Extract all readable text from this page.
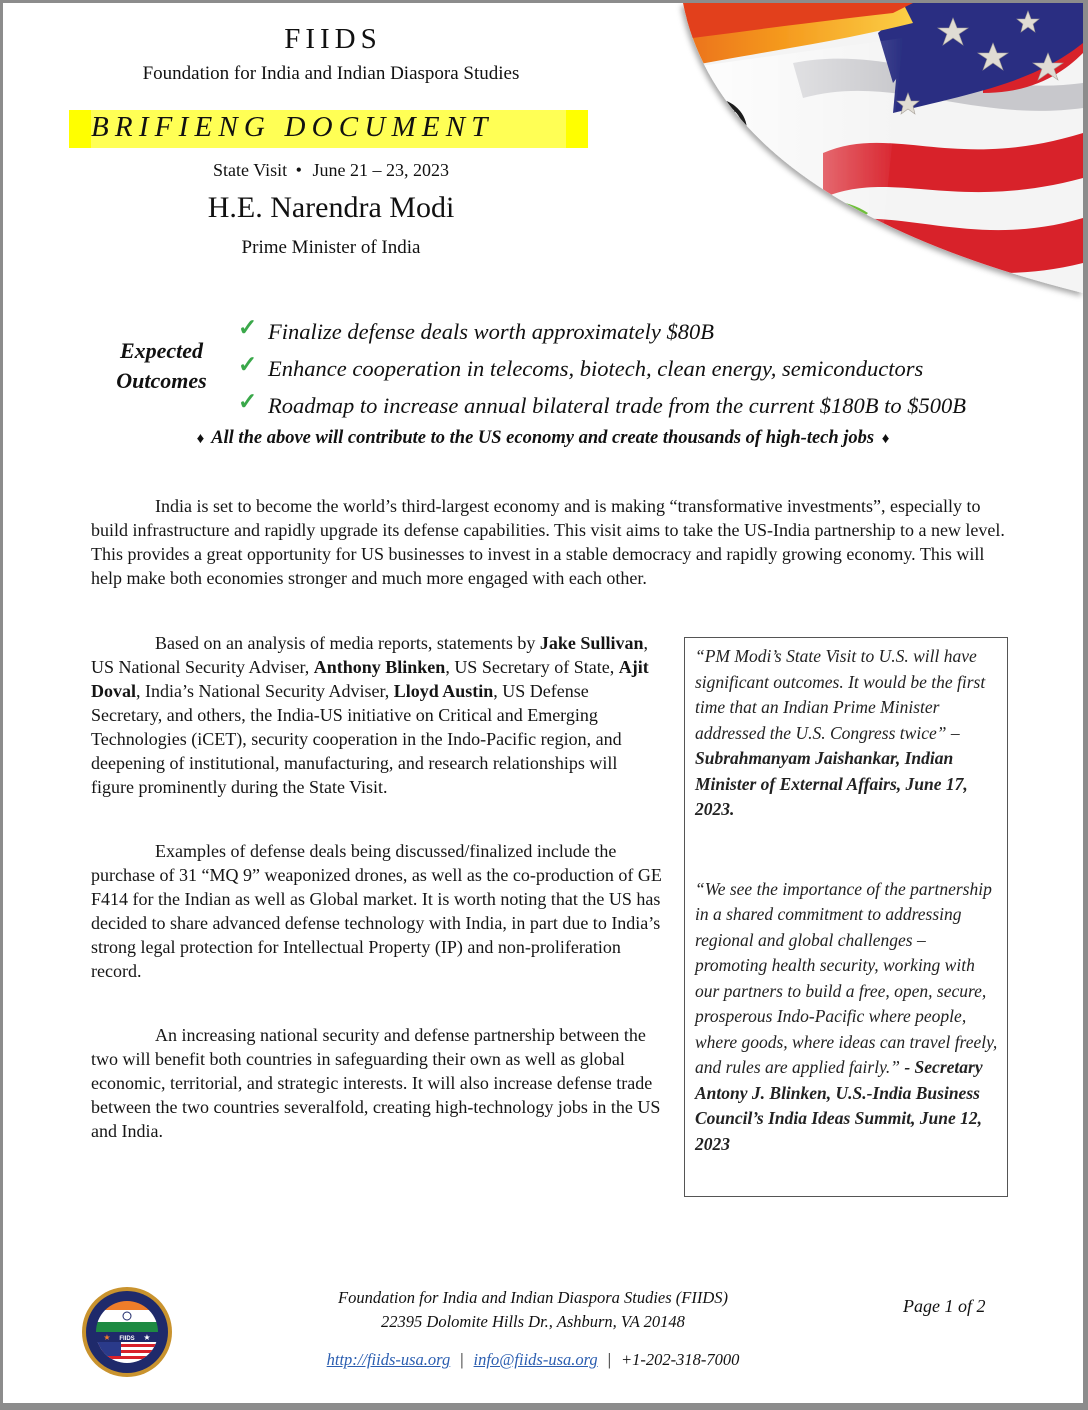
FIIDS
Foundation for India and Indian Diaspora Studies
BRIFIENG DOCUMENT
State Visit • June 21 – 23, 2023
H.E. Narendra Modi
Prime Minister of India
Expected
Outcomes
✓ Finalize defense deals worth approximately $80B
✓ Enhance cooperation in telecoms, biotech, clean energy, semiconductors
✓ Roadmap to increase annual bilateral trade from the current $180B to $500B
♦ All the above will contribute to the US economy and create thousands of high-tech jobs ♦

India is set to become the world’s third-largest economy and is making “transformative investments”, especially to build infrastructure and rapidly upgrade its defense capabilities. This visit aims to take the US-India partnership to a new level. This provides a great opportunity for US businesses to invest in a stable democracy and rapidly growing economy. This will help make both economies stronger and much more engaged with each other.

Based on an analysis of media reports, statements by Jake Sullivan, US National Security Adviser, Anthony Blinken, US Secretary of State, Ajit Doval, India’s National Security Adviser, Lloyd Austin, US Defense Secretary, and others, the India-US initiative on Critical and Emerging Technologies (iCET), security cooperation in the Indo-Pacific region, and deepening of institutional, manufacturing, and research relationships will figure prominently during the State Visit.

Examples of defense deals being discussed/finalized include the purchase of 31 “MQ 9” weaponized drones, as well as the co-production of GE F414 for the Indian as well as Global market. It is worth noting that the US has decided to share advanced defense technology with India, in part due to India’s strong legal protection for Intellectual Property (IP) and non-proliferation record.

An increasing national security and defense partnership between the two will benefit both countries in safeguarding their own as well as global economic, territorial, and strategic interests. It will also increase defense trade between the two countries severalfold, creating high-technology jobs in the US and India.

“PM Modi’s State Visit to U.S. will have significant outcomes. It would be the first time that an Indian Prime Minister addressed the U.S. Congress twice” – Subrahmanyam Jaishankar, Indian Minister of External Affairs, June 17, 2023.

“We see the importance of the partnership in a shared commitment to addressing regional and global challenges – promoting health security, working with our partners to build a free, open, secure, prosperous Indo-Pacific where people, where goods, where ideas can travel freely, and rules are applied fairly.” - Secretary Antony J. Blinken, U.S.-India Business Council’s India Ideas Summit, June 12, 2023

FIIDS
★	★
Foundation for India and Indian Diaspora Studies (FIIDS)
22395 Dolomite Hills Dr., Ashburn, VA 20148
http://fiids-usa.org | info@fiids-usa.org | +1-202-318-7000
Page 1 of 2
